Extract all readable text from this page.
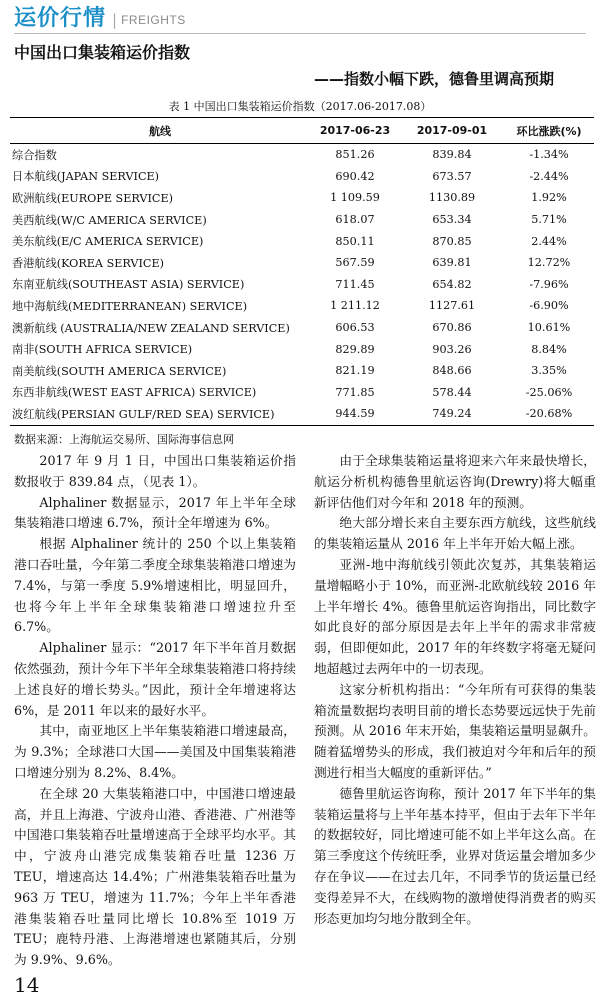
运价行情 | FREIGHTS
中国出口集装箱运价指数
——指数小幅下跌，德鲁里调高预期
表 1 中国出口集装箱运价指数（2017.06-2017.08）
航线	2017-06-23	2017-09-01	环比涨跌(%)
综合指数	851.26	839.84	-1.34%
日本航线(JAPAN SERVICE)	690.42	673.57	-2.44%
欧洲航线(EUROPE SERVICE)	1 109.59	1130.89	1.92%
美西航线(W/C AMERICA SERVICE)	618.07	653.34	5.71%
美东航线(E/C AMERICA SERVICE)	850.11	870.85	2.44%
香港航线(KOREA SERVICE)	567.59	639.81	12.72%
东南亚航线(SOUTHEAST ASIA) SERVICE)	711.45	654.82	-7.96%
地中海航线(MEDITERRANEAN) SERVICE)	1 211.12	1127.61	-6.90%
澳新航线 (AUSTRALIA/NEW ZEALAND SERVICE)	606.53	670.86	10.61%
南非(SOUTH AFRICA SERVICE)	829.89	903.26	8.84%
南美航线(SOUTH AMERICA SERVICE)	821.19	848.66	3.35%
东西非航线(WEST EAST AFRICA) SERVICE)	771.85	578.44	-25.06%
波红航线(PERSIAN GULF/RED SEA) SERVICE)	944.59	749.24	-20.68%
数据来源：上海航运交易所、国际海事信息网

2017 年 9 月 1 日，中国出口集装箱运价指数报收于 839.84 点，（见表 1）。

Alphaliner 数据显示，2017 年上半年全球集装箱港口增速 6.7%，预计全年增速为 6%。

根据 Alphaliner 统计的 250 个以上集装箱港口吞吐量，今年第二季度全球集装箱港口增速为 7.4%，与第一季度 5.9%增速相比，明显回升，也将今年上半年全球集装箱港口增速拉升至 6.7%。

Alphaliner 显示：“2017 年下半年首月数据依然强劲，预计今年下半年全球集装箱港口将持续上述良好的增长势头。”因此，预计全年增速将达 6%，是 2011 年以来的最好水平。

其中，南亚地区上半年集装箱港口增速最高，为 9.3%；全球港口大国——美国及中国集装箱港口增速分别为 8.2%、8.4%。

在全球 20 大集装箱港口中，中国港口增速最高，并且上海港、宁波舟山港、香港港、广州港等中国港口集装箱吞吐量增速高于全球平均水平。其中，宁波舟山港完成集装箱吞吐量 1236 万 TEU，增速高达 14.4%；广州港集装箱吞吐量为 963 万 TEU，增速为 11.7%；今年上半年香港港集装箱吞吐量同比增长 10.8%至 1019 万 TEU；鹿特丹港、上海港增速也紧随其后，分别为 9.9%、9.6%。

由于全球集装箱运量将迎来六年来最快增长，航运分析机构德鲁里航运咨询(Drewry)将大幅重新评估他们对今年和 2018 年的预测。

绝大部分增长来自主要东西方航线，这些航线的集装箱运量从 2016 年上半年开始大幅上涨。

亚洲-地中海航线引领此次复苏，其集装箱运量增幅略小于 10%，而亚洲-北欧航线较 2016 年上半年增长 4%。德鲁里航运咨询指出，同比数字如此良好的部分原因是去年上半年的需求非常疲弱，但即便如此，2017 年的年终数字将毫无疑问地超越过去两年中的一切表现。

这家分析机构指出：“今年所有可获得的集装箱流量数据均表明目前的增长态势要远远快于先前预测。从 2016 年末开始，集装箱运量明显飙升。随着猛增势头的形成，我们被迫对今年和后年的预测进行相当大幅度的重新评估。”

德鲁里航运咨询称，预计 2017 年下半年的集装箱运量将与上半年基本持平，但由于去年下半年的数据较好，同比增速可能不如上半年这么高。在第三季度这个传统旺季，业界对货运量会增加多少存在争议——在过去几年，不同季节的货运量已经变得差异不大，在线购物的激增使得消费者的购买形态更加均匀地分散到全年。

14
